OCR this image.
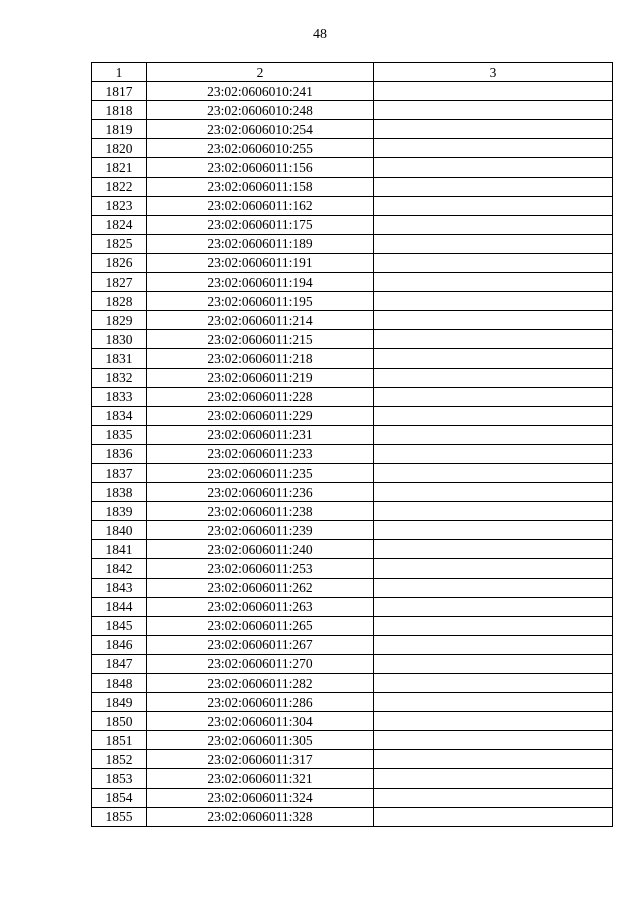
48
1	2	3
1817	23:02:0606010:241	
1818	23:02:0606010:248	
1819	23:02:0606010:254	
1820	23:02:0606010:255	
1821	23:02:0606011:156	
1822	23:02:0606011:158	
1823	23:02:0606011:162	
1824	23:02:0606011:175	
1825	23:02:0606011:189	
1826	23:02:0606011:191	
1827	23:02:0606011:194	
1828	23:02:0606011:195	
1829	23:02:0606011:214	
1830	23:02:0606011:215	
1831	23:02:0606011:218	
1832	23:02:0606011:219	
1833	23:02:0606011:228	
1834	23:02:0606011:229	
1835	23:02:0606011:231	
1836	23:02:0606011:233	
1837	23:02:0606011:235	
1838	23:02:0606011:236	
1839	23:02:0606011:238	
1840	23:02:0606011:239	
1841	23:02:0606011:240	
1842	23:02:0606011:253	
1843	23:02:0606011:262	
1844	23:02:0606011:263	
1845	23:02:0606011:265	
1846	23:02:0606011:267	
1847	23:02:0606011:270	
1848	23:02:0606011:282	
1849	23:02:0606011:286	
1850	23:02:0606011:304	
1851	23:02:0606011:305	
1852	23:02:0606011:317	
1853	23:02:0606011:321	
1854	23:02:0606011:324	
1855	23:02:0606011:328	
